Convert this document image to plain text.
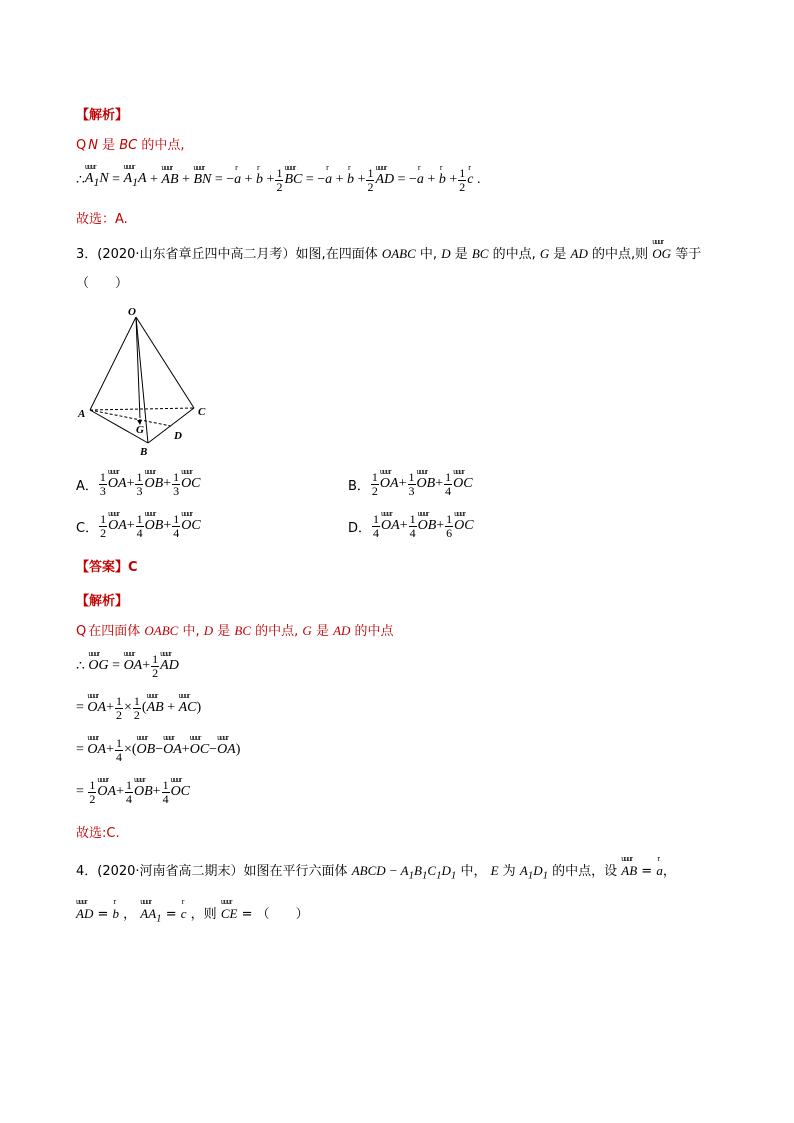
【解析】
Q N 是 BC 的中点,
∴ uuur $A_1N$ = uuur $A_1A$ + uuur AB + uuur BN = − r a + r $b + \frac{1}{2}$ uuur BC = − r a + r $b + \frac{1}{2}$ uuur AD = − r a + r $b + \frac{1}{2}$ r c .
故选：A.
3．(2020·山东省章丘四中高二月考）如图,在四面体 OABC 中, D 是 BC 的中点, G 是 AD 的中点,则 uuur OG 等于
（　　）
O
A	C
G	D
B
A． $\frac{1}{3}$ uuur OA + $\frac{1}{3}$ uuur OB + $\frac{1}{3}$ uuur OC	B． $\frac{1}{2}$ uuur OA + $\frac{1}{3}$ uuur OB + $\frac{1}{4}$ uuur OC
C． $\frac{1}{2}$ uuur OA + $\frac{1}{4}$ uuur OB + $\frac{1}{4}$ uuur OC	D． $\frac{1}{4}$ uuur OA + $\frac{1}{4}$ uuur OB + $\frac{1}{6}$ uuur OC
【答案】C
【解析】
Q 在四面体 OABC 中, D 是 BC 的中点, G 是 AD 的中点
∴ uuur OG = uuur OA + $\frac{1}{2}$ uuur AD
= uuur OA + $\frac{1}{2} \times \frac{1}{2}$ ( uuur AB + uuur AC )
= uuur OA + $\frac{1}{4}$ ×( uuur OB − uuur OA + uuur OC − uuur OA )
= $\frac{1}{2}$ uuur OA + $\frac{1}{4}$ uuur OB + $\frac{1}{4}$ uuur OC
故选:C.
4．(2020·河南省高二期末）如图在平行六面体 ABCD − $A_1B_1C_1D_1$ 中， E 为 $A_1D_1$ 的中点，设 uuur AB = r a，
uuur AD = r b ， uuur $AA_1 = r$ c ，则 uuur CE = （　　）
